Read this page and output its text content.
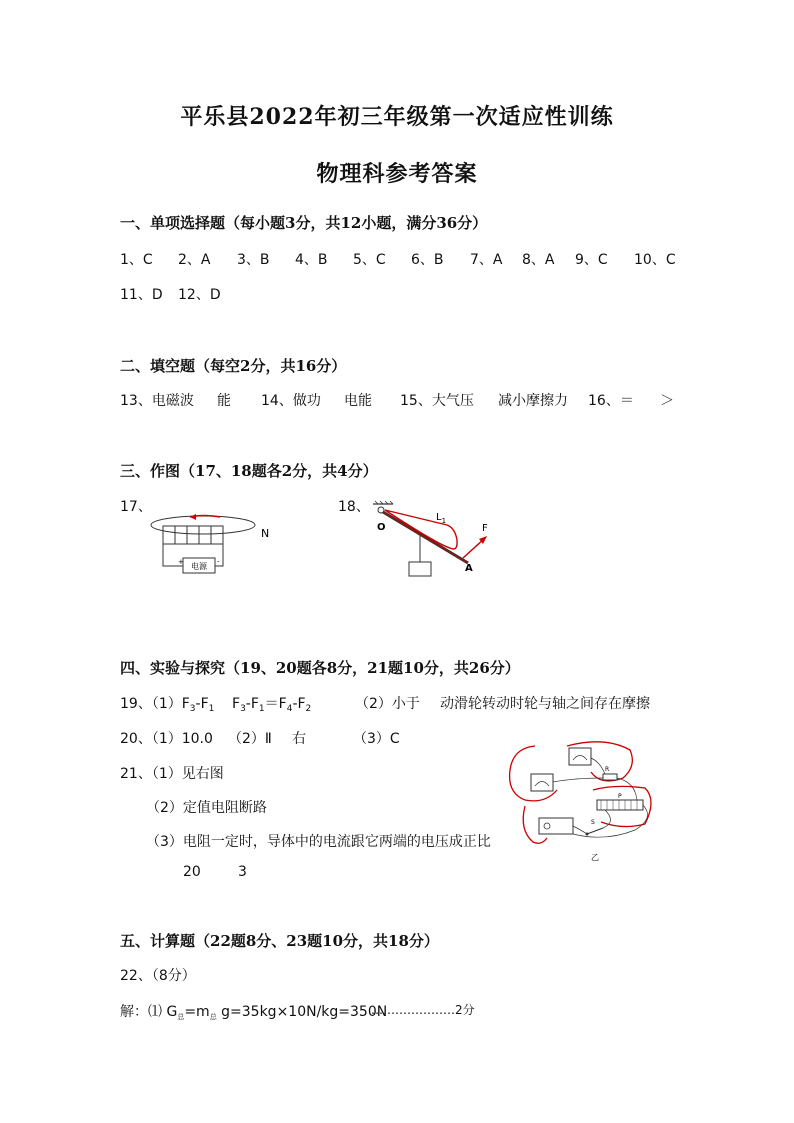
平乐县2022年初三年级第一次适应性训练
物理科参考答案
一、单项选择题（每小题3分，共12小题，满分36分）
1、C 2、A 3、B 4、B 5、C 6、B 7、A 8、A 9、C 10、C
11、D 12、D
二、填空题（每空2分，共16分）
13、电磁波 能 14、做功 电能 15、大气压 减小摩擦力 16、＝ ＞
三、作图（17、18题各2分，共4分）
17、	18、
电源
+	-
N	O
$L_1$
F
A
四、实验与探究（19、20题各8分，21题10分，共26分）
19、$(1)F_3-F_1$ $F_3-F_1=F_4-F_2$	（2）小于 动滑轮转动时轮与轴之间存在摩擦
20、（1）10.0 （2）Ⅱ 右	（3）C
21、（1）见右图
（2）定值电阻断路
（3）电阻一定时，导体中的电流跟它两端的电压成正比
20	3
R
P
S
乙
五、计算题（22题8分、23题10分，共18分）
22、（8分）
解：⑴ $G_总=m_总$ g=35kg×10N/kg=350N
…………………2分
